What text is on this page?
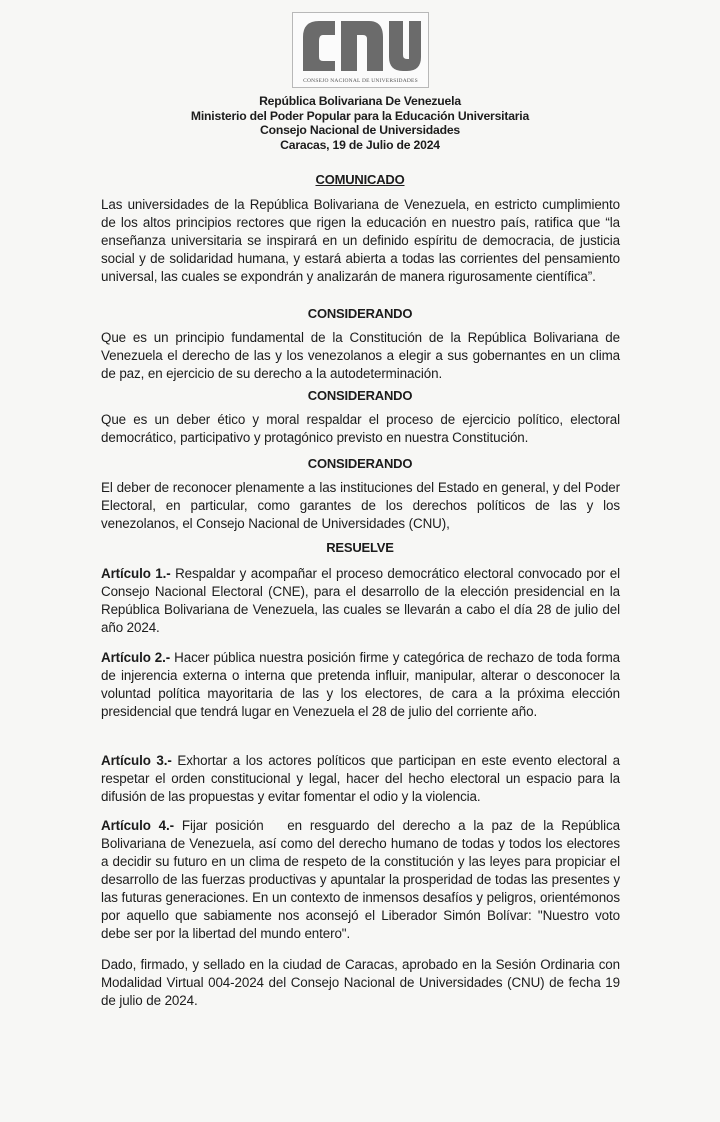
CONSEJO NACIONAL DE UNIVERSIDADES
República Bolivariana De Venezuela
Ministerio del Poder Popular para la Educación Universitaria
Consejo Nacional de Universidades
Caracas, 19 de Julio de 2024
COMUNICADO
Las universidades de la República Bolivariana de Venezuela, en estricto cumplimiento de los altos principios rectores que rigen la educación en nuestro país, ratifica que “la enseñanza universitaria se inspirará en un definido espíritu de democracia, de justicia social y de solidaridad humana, y estará abierta a todas las corrientes del pensamiento universal, las cuales se expondrán y analizarán de manera rigurosamente científica”.
CONSIDERANDO
Que es un principio fundamental de la Constitución de la República Bolivariana de Venezuela el derecho de las y los venezolanos a elegir a sus gobernantes en un clima de paz, en ejercicio de su derecho a la autodeterminación.
CONSIDERANDO
Que es un deber ético y moral respaldar el proceso de ejercicio político, electoral democrático, participativo y protagónico previsto en nuestra Constitución.
CONSIDERANDO
El deber de reconocer plenamente a las instituciones del Estado en general, y del Poder Electoral, en particular, como garantes de los derechos políticos de las y los venezolanos, el Consejo Nacional de Universidades (CNU),
RESUELVE
Artículo 1.- Respaldar y acompañar el proceso democrático electoral convocado por el Consejo Nacional Electoral (CNE), para el desarrollo de la elección presidencial en la República Bolivariana de Venezuela, las cuales se llevarán a cabo el día 28 de julio del año 2024.
Artículo 2.- Hacer pública nuestra posición firme y categórica de rechazo de toda forma de injerencia externa o interna que pretenda influir, manipular, alterar o desconocer la voluntad política mayoritaria de las y los electores, de cara a la próxima elección presidencial que tendrá lugar en Venezuela el 28 de julio del corriente año.
Artículo 3.- Exhortar a los actores políticos que participan en este evento electoral a respetar el orden constitucional y legal, hacer del hecho electoral un espacio para la difusión de las propuestas y evitar fomentar el odio y la violencia.
Artículo 4.- Fijar posición   en resguardo del derecho a la paz de la República Bolivariana de Venezuela, así como del derecho humano de todas y todos los electores a decidir su futuro en un clima de respeto de la constitución y las leyes para propiciar el desarrollo de las fuerzas productivas y apuntalar la prosperidad de todas las presentes y las futuras generaciones. En un contexto de inmensos desafíos y peligros, orientémonos por aquello que sabiamente nos aconsejó el Liberador Simón Bolívar: "Nuestro voto debe ser por la libertad del mundo entero".
Dado, firmado, y sellado en la ciudad de Caracas, aprobado en la Sesión Ordinaria con Modalidad Virtual 004-2024 del Consejo Nacional de Universidades (CNU) de fecha 19 de julio de 2024.
